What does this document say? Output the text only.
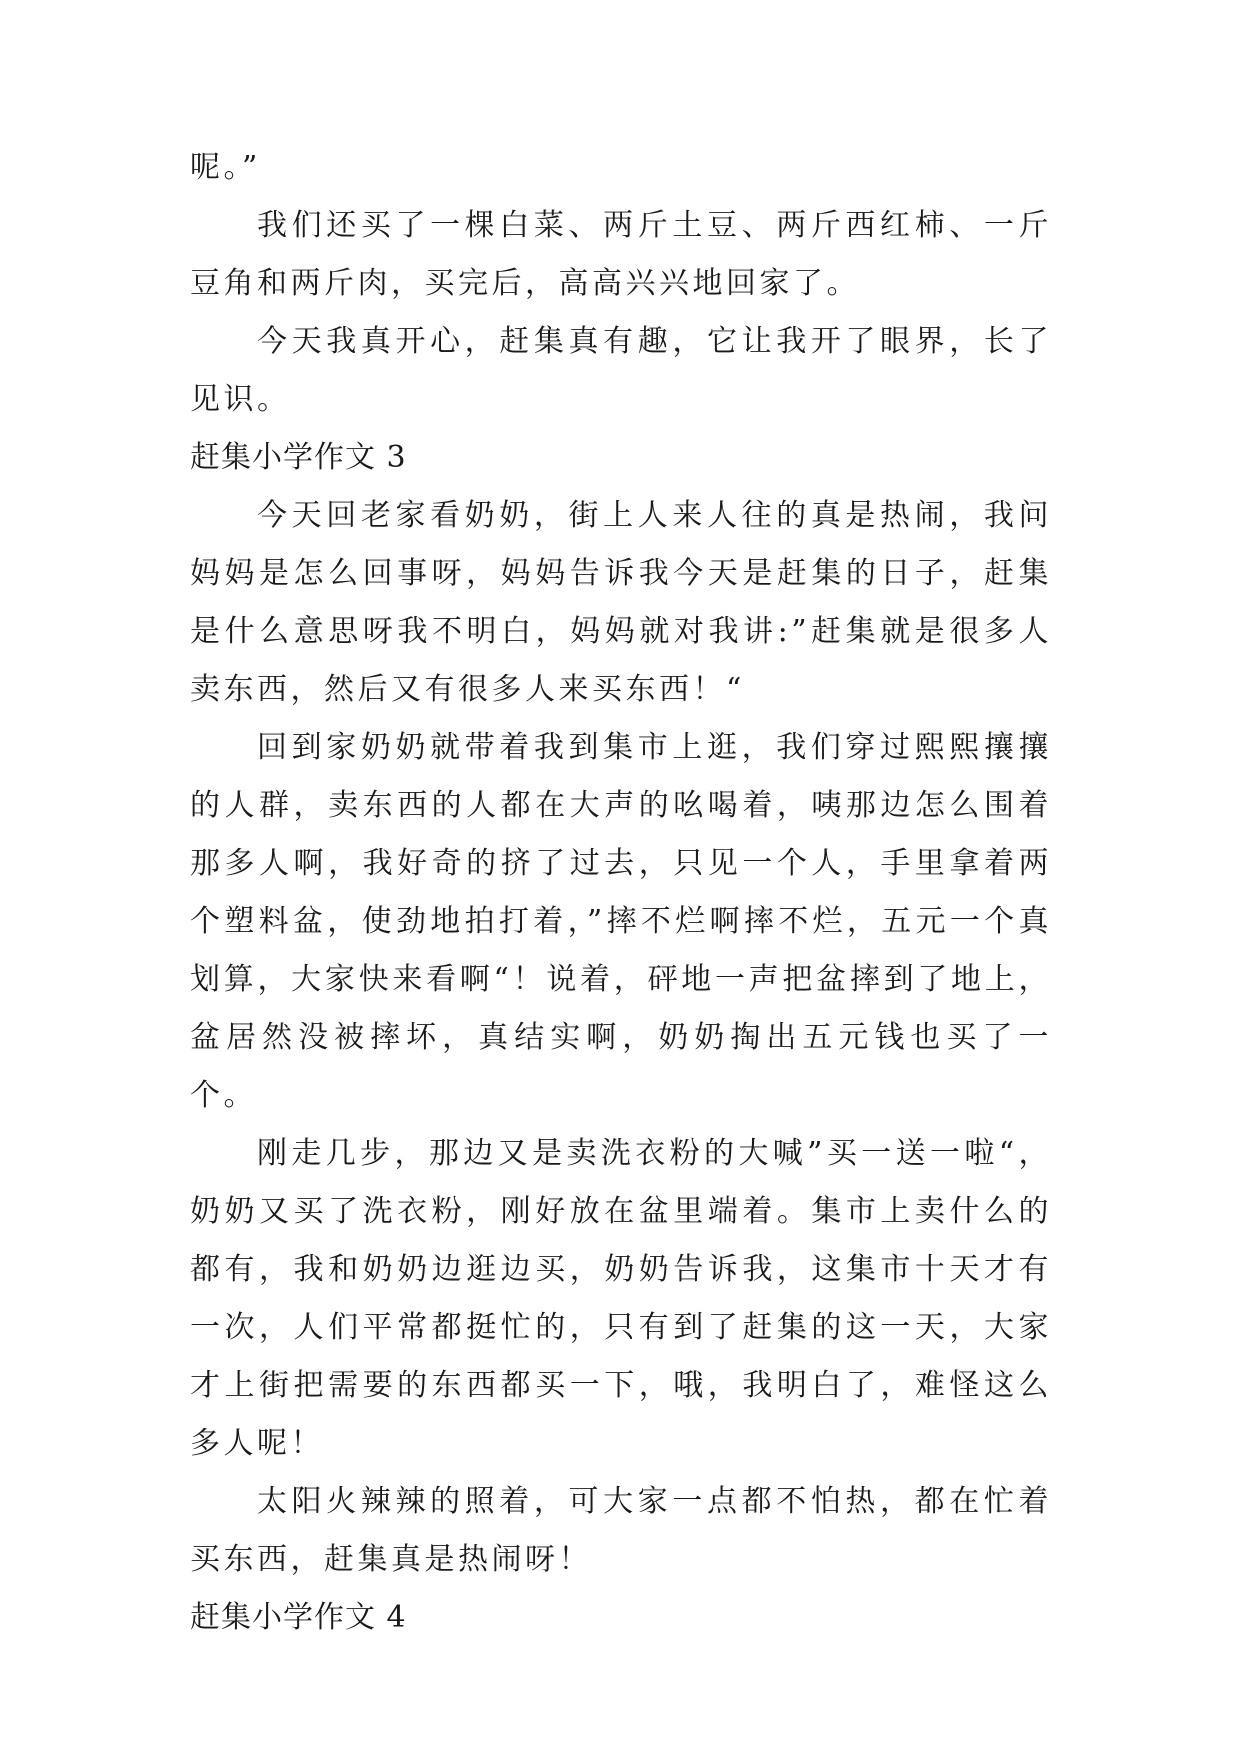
呢。”

我们还买了一棵白菜、两斤土豆、两斤西红柿、一斤豆角和两斤肉，买完后，高高兴兴地回家了。

今天我真开心，赶集真有趣，它让我开了眼界，长了见识。

赶集小学作文 3

今天回老家看奶奶，街上人来人往的真是热闹，我问妈妈是怎么回事呀，妈妈告诉我今天是赶集的日子，赶集是什么意思呀我不明白，妈妈就对我讲:”赶集就是很多人卖东西，然后又有很多人来买东西！“

回到家奶奶就带着我到集市上逛，我们穿过熙熙攘攘的人群，卖东西的人都在大声的吆喝着，咦那边怎么围着那多人啊，我好奇的挤了过去，只见一个人，手里拿着两个塑料盆，使劲地拍打着，”摔不烂啊摔不烂，五元一个真划算，大家快来看啊“！说着，砰地一声把盆摔到了地上，盆居然没被摔坏，真结实啊，奶奶掏出五元钱也买了一个。

刚走几步，那边又是卖洗衣粉的大喊”买一送一啦“，奶奶又买了洗衣粉，刚好放在盆里端着。集市上卖什么的都有，我和奶奶边逛边买，奶奶告诉我，这集市十天才有一次，人们平常都挺忙的，只有到了赶集的这一天，大家才上街把需要的东西都买一下，哦，我明白了，难怪这么多人呢！

太阳火辣辣的照着，可大家一点都不怕热，都在忙着买东西，赶集真是热闹呀！

赶集小学作文 4
